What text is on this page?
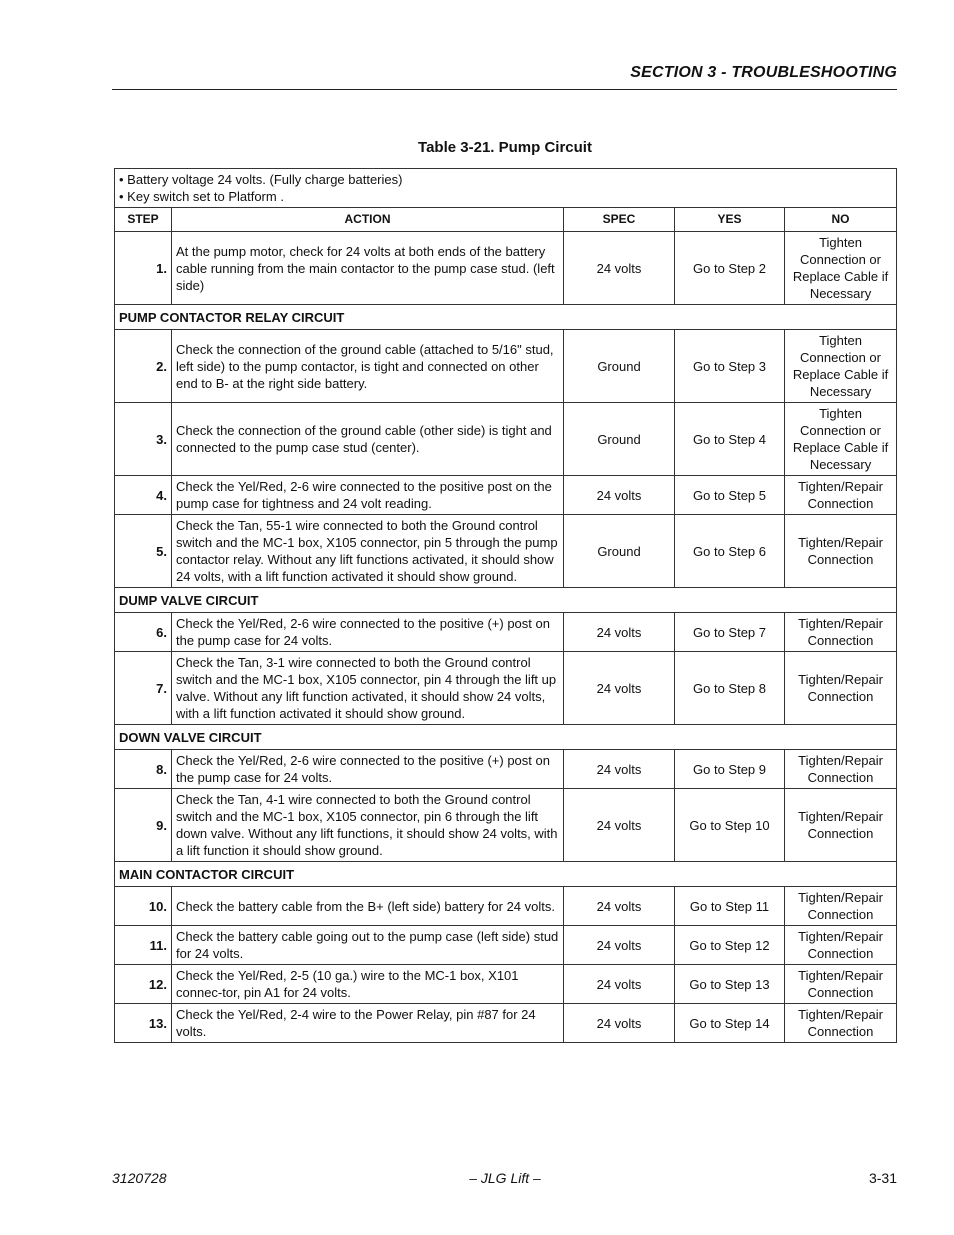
SECTION 3 - TROUBLESHOOTING
Table 3-21. Pump Circuit
• Battery voltage 24 volts. (Fully charge batteries)
• Key switch set to Platform .				

STEP	ACTION	SPEC	YES	NO
1.	At the pump motor, check for 24 volts at both ends of the battery cable running from the main contactor to the pump case stud. (left side)	24 volts	Go to Step 2	Tighten Connection or Replace Cable if Necessary
PUMP CONTACTOR RELAY CIRCUIT				
2.	Check the connection of the ground cable (attached to 5/16" stud, left side) to the pump contactor, is tight and connected on other end to B- at the right side battery.	Ground	Go to Step 3	Tighten Connection or Replace Cable if Necessary
3.	Check the connection of the ground cable (other side) is tight and connected to the pump case stud (center).	Ground	Go to Step 4	Tighten Connection or Replace Cable if Necessary
4.	Check the Yel/Red, 2-6 wire connected to the positive post on the pump case for tightness and 24 volt reading.	24 volts	Go to Step 5	Tighten/Repair Connection
5.	Check the Tan, 55-1 wire connected to both the Ground control switch and the MC-1 box, X105 connector, pin 5 through the pump contactor relay. Without any lift functions activated, it should show 24 volts, with a lift function activated it should show ground.	Ground	Go to Step 6	Tighten/Repair Connection
DUMP VALVE CIRCUIT				
6.	Check the Yel/Red, 2-6 wire connected to the positive (+) post on the pump case for 24 volts.	24 volts	Go to Step 7	Tighten/Repair Connection
7.	Check the Tan, 3-1 wire connected to both the Ground control switch and the MC-1 box, X105 connector, pin 4 through the lift up valve. Without any lift function activated, it should show 24 volts, with a lift function activated it should show ground.	24 volts	Go to Step 8	Tighten/Repair Connection
DOWN VALVE CIRCUIT				
8.	Check the Yel/Red, 2-6 wire connected to the positive (+) post on the pump case for 24 volts.	24 volts	Go to Step 9	Tighten/Repair Connection
9.	Check the Tan, 4-1 wire connected to both the Ground control switch and the MC-1 box, X105 connector, pin 6 through the lift down valve. Without any lift functions, it should show 24 volts, with a lift function it should show ground.	24 volts	Go to Step 10	Tighten/Repair Connection
MAIN CONTACTOR CIRCUIT				
10.	Check the battery cable from the B+ (left side) battery for 24 volts.	24 volts	Go to Step 11	Tighten/Repair Connection
11.	Check the battery cable going out to the pump case (left side) stud for 24 volts.	24 volts	Go to Step 12	Tighten/Repair Connection
12.	Check the Yel/Red, 2-5 (10 ga.) wire to the MC-1 box, X101 connec-tor, pin A1 for 24 volts.	24 volts	Go to Step 13	Tighten/Repair Connection
13.	Check the Yel/Red, 2-4 wire to the Power Relay, pin #87 for 24 volts.	24 volts	Go to Step 14	Tighten/Repair Connection
3120728	– JLG Lift –	3-31
